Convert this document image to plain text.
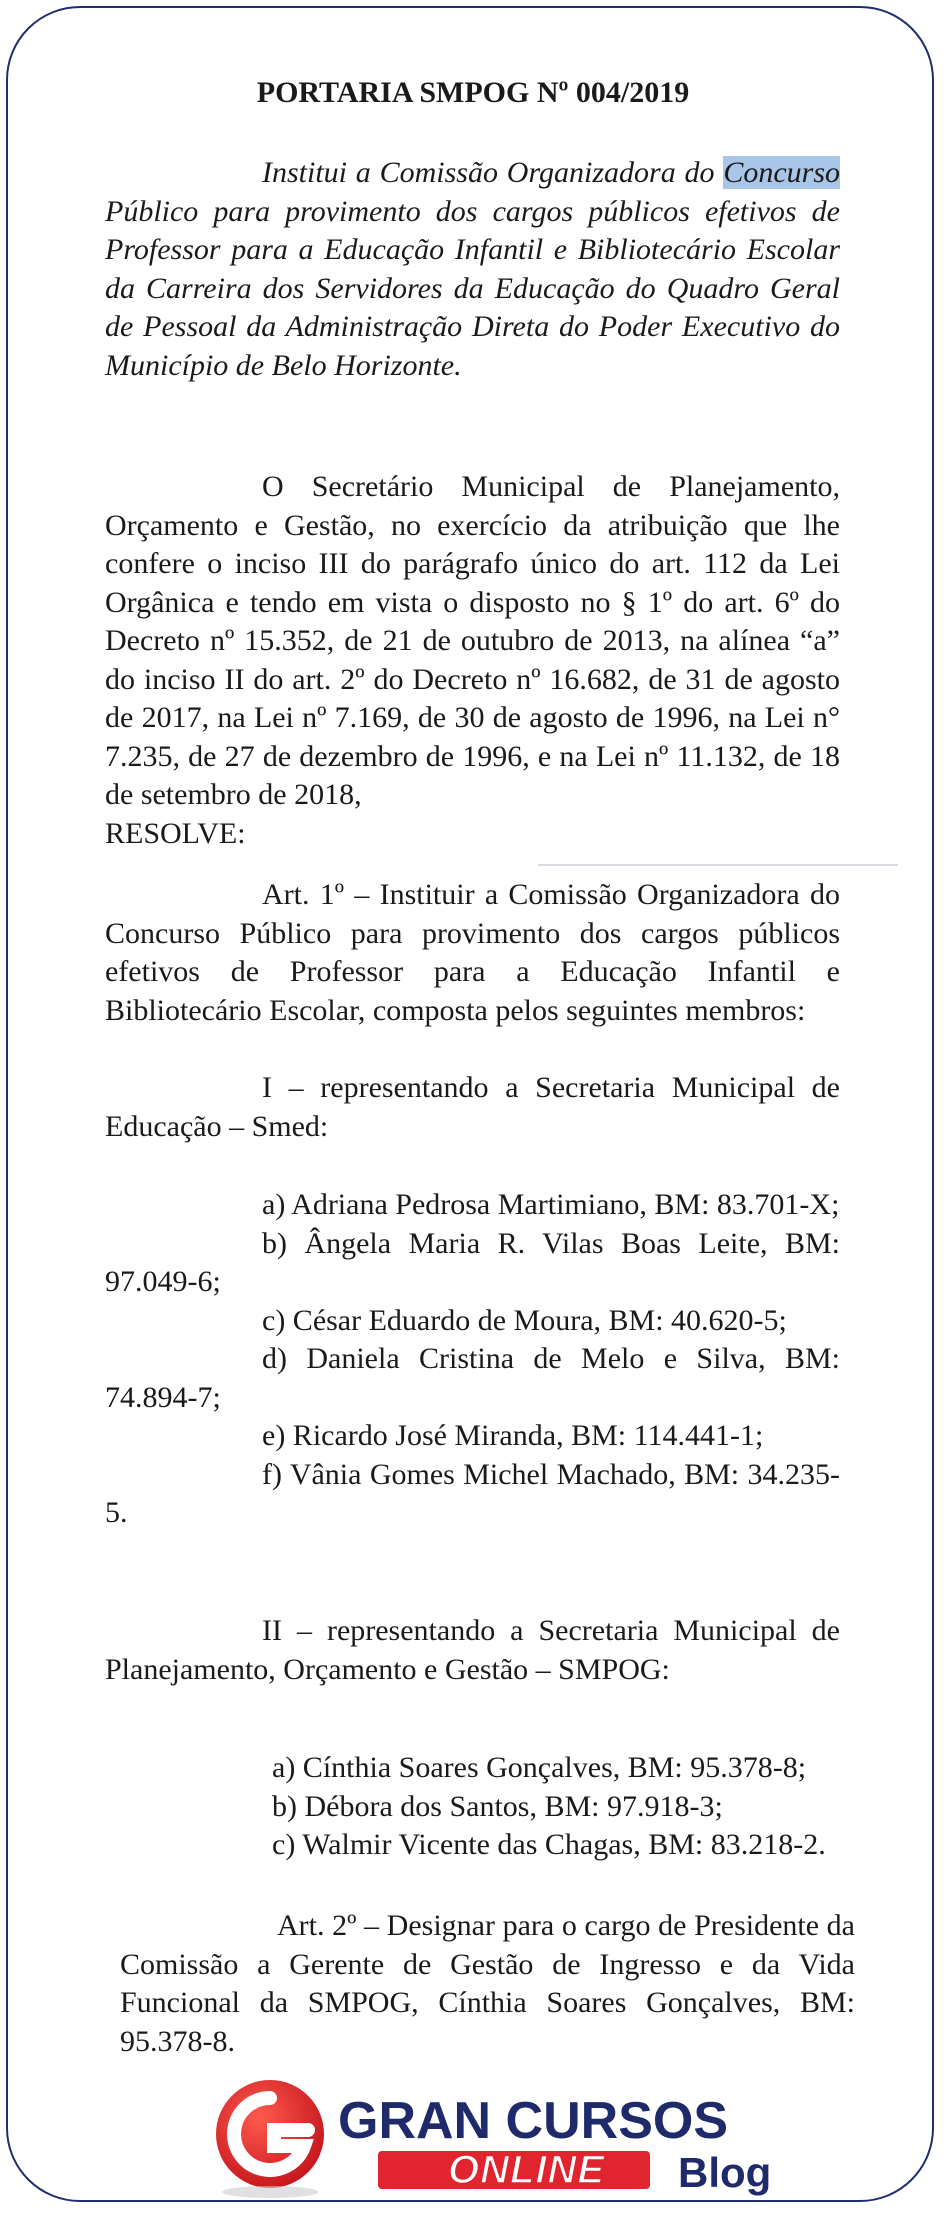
PORTARIA SMPOG Nº 004/2019
Institui a Comissão Organizadora do Concurso Público para provimento dos cargos públicos efetivos de Professor para a Educação Infantil e Bibliotecário Escolar da Carreira dos Servidores da Educação do Quadro Geral de Pessoal da Administração Direta do Poder Executivo do Município de Belo Horizonte.

O Secretário Municipal de Planejamento, Orçamento e Gestão, no exercício da atribuição que lhe confere o inciso III do parágrafo único do art. 112 da Lei Orgânica e tendo em vista o disposto no § 1º do art. 6º do Decreto nº 15.352, de 21 de outubro de 2013, na alínea “a” do inciso II do art. 2º do Decreto nº 16.682, de 31 de agosto de 2017, na Lei nº 7.169, de 30 de agosto de 1996, na Lei n° 7.235, de 27 de dezembro de 1996, e na Lei nº 11.132, de 18 de setembro de 2018,

RESOLVE:

Art. 1º – Instituir a Comissão Organizadora do Concurso Público para provimento dos cargos públicos efetivos de Professor para a Educação Infantil e Bibliotecário Escolar, composta pelos seguintes membros:

I – representando a Secretaria Municipal de Educação – Smed:

a) Adriana Pedrosa Martimiano, BM: 83.701-X;

b) Ângela Maria R. Vilas Boas Leite, BM: 97.049-6;

c) César Eduardo de Moura, BM: 40.620-5;

d) Daniela Cristina de Melo e Silva, BM: 74.894-7;

e) Ricardo José Miranda, BM: 114.441-1;

f) Vânia Gomes Michel Machado, BM: 34.235-5.

II – representando a Secretaria Municipal de Planejamento, Orçamento e Gestão – SMPOG:

a) Cínthia Soares Gonçalves, BM: 95.378-8;

b) Débora dos Santos, BM: 97.918-3;

c) Walmir Vicente das Chagas, BM: 83.218-2.

Art. 2º – Designar para o cargo de Presidente da Comissão a Gerente de Gestão de Ingresso e da Vida Funcional da SMPOG, Cínthia Soares Gonçalves, BM: 95.378-8.

GRAN CURSOS
ONLINE Blog
